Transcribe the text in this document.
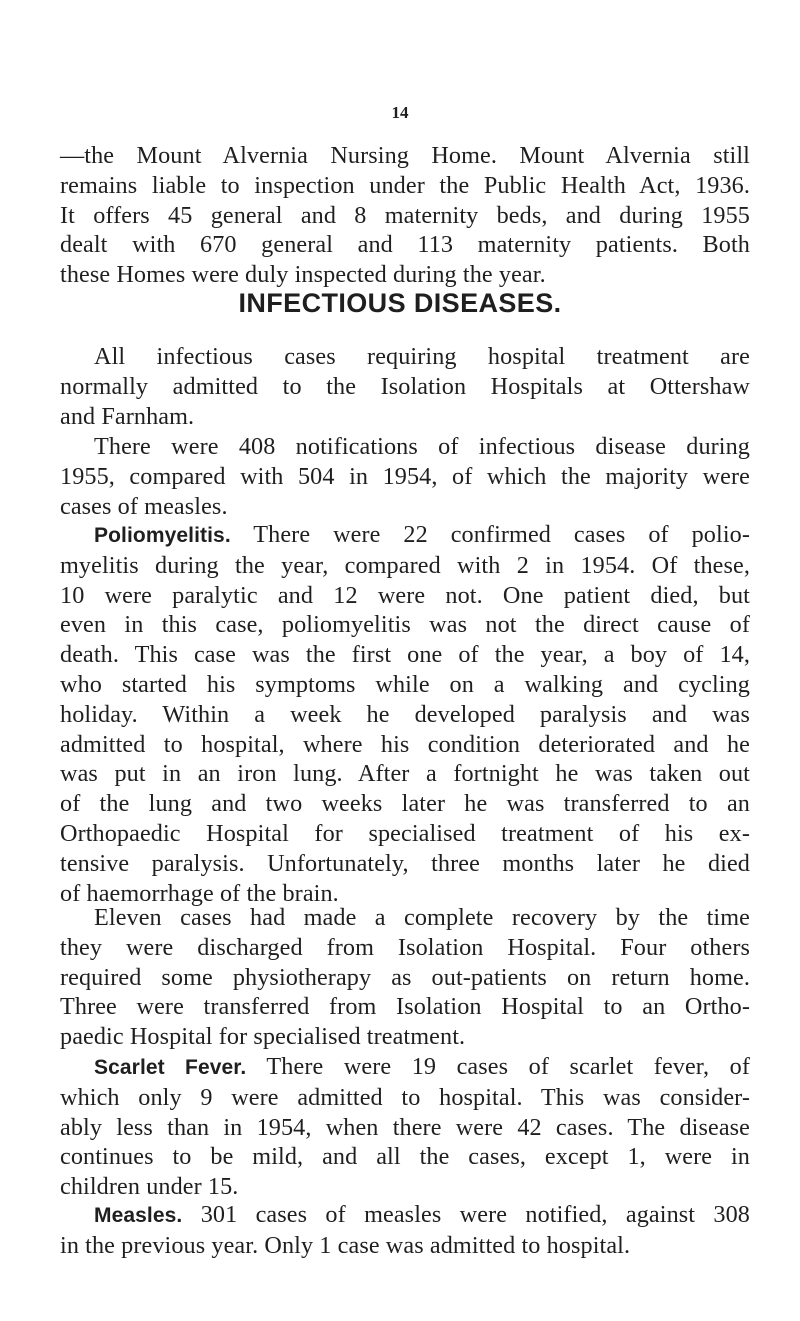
14
—the Mount Alvernia Nursing Home. Mount Alvernia still
remains liable to inspection under the Public Health Act, 1936.
It offers 45 general and 8 maternity beds, and during 1955
dealt with 670 general and 113 maternity patients. Both
these Homes were duly inspected during the year.
INFECTIOUS DISEASES.
All infectious cases requiring hospital treatment are
normally admitted to the Isolation Hospitals at Ottershaw
and Farnham.
There were 408 notifications of infectious disease during
1955, compared with 504 in 1954, of which the majority were
cases of measles.
Poliomyelitis. There were 22 confirmed cases of polio-
myelitis during the year, compared with 2 in 1954. Of these,
10 were paralytic and 12 were not. One patient died, but
even in this case, poliomyelitis was not the direct cause of
death. This case was the first one of the year, a boy of 14,
who started his symptoms while on a walking and cycling
holiday. Within a week he developed paralysis and was
admitted to hospital, where his condition deteriorated and he
was put in an iron lung. After a fortnight he was taken out
of the lung and two weeks later he was transferred to an
Orthopaedic Hospital for specialised treatment of his ex-
tensive paralysis. Unfortunately, three months later he died
of haemorrhage of the brain.
Eleven cases had made a complete recovery by the time
they were discharged from Isolation Hospital. Four others
required some physiotherapy as out-patients on return home.
Three were transferred from Isolation Hospital to an Ortho-
paedic Hospital for specialised treatment.
Scarlet Fever. There were 19 cases of scarlet fever, of
which only 9 were admitted to hospital. This was consider-
ably less than in 1954, when there were 42 cases. The disease
continues to be mild, and all the cases, except 1, were in
children under 15.
Measles. 301 cases of measles were notified, against 308
in the previous year. Only 1 case was admitted to hospital.
